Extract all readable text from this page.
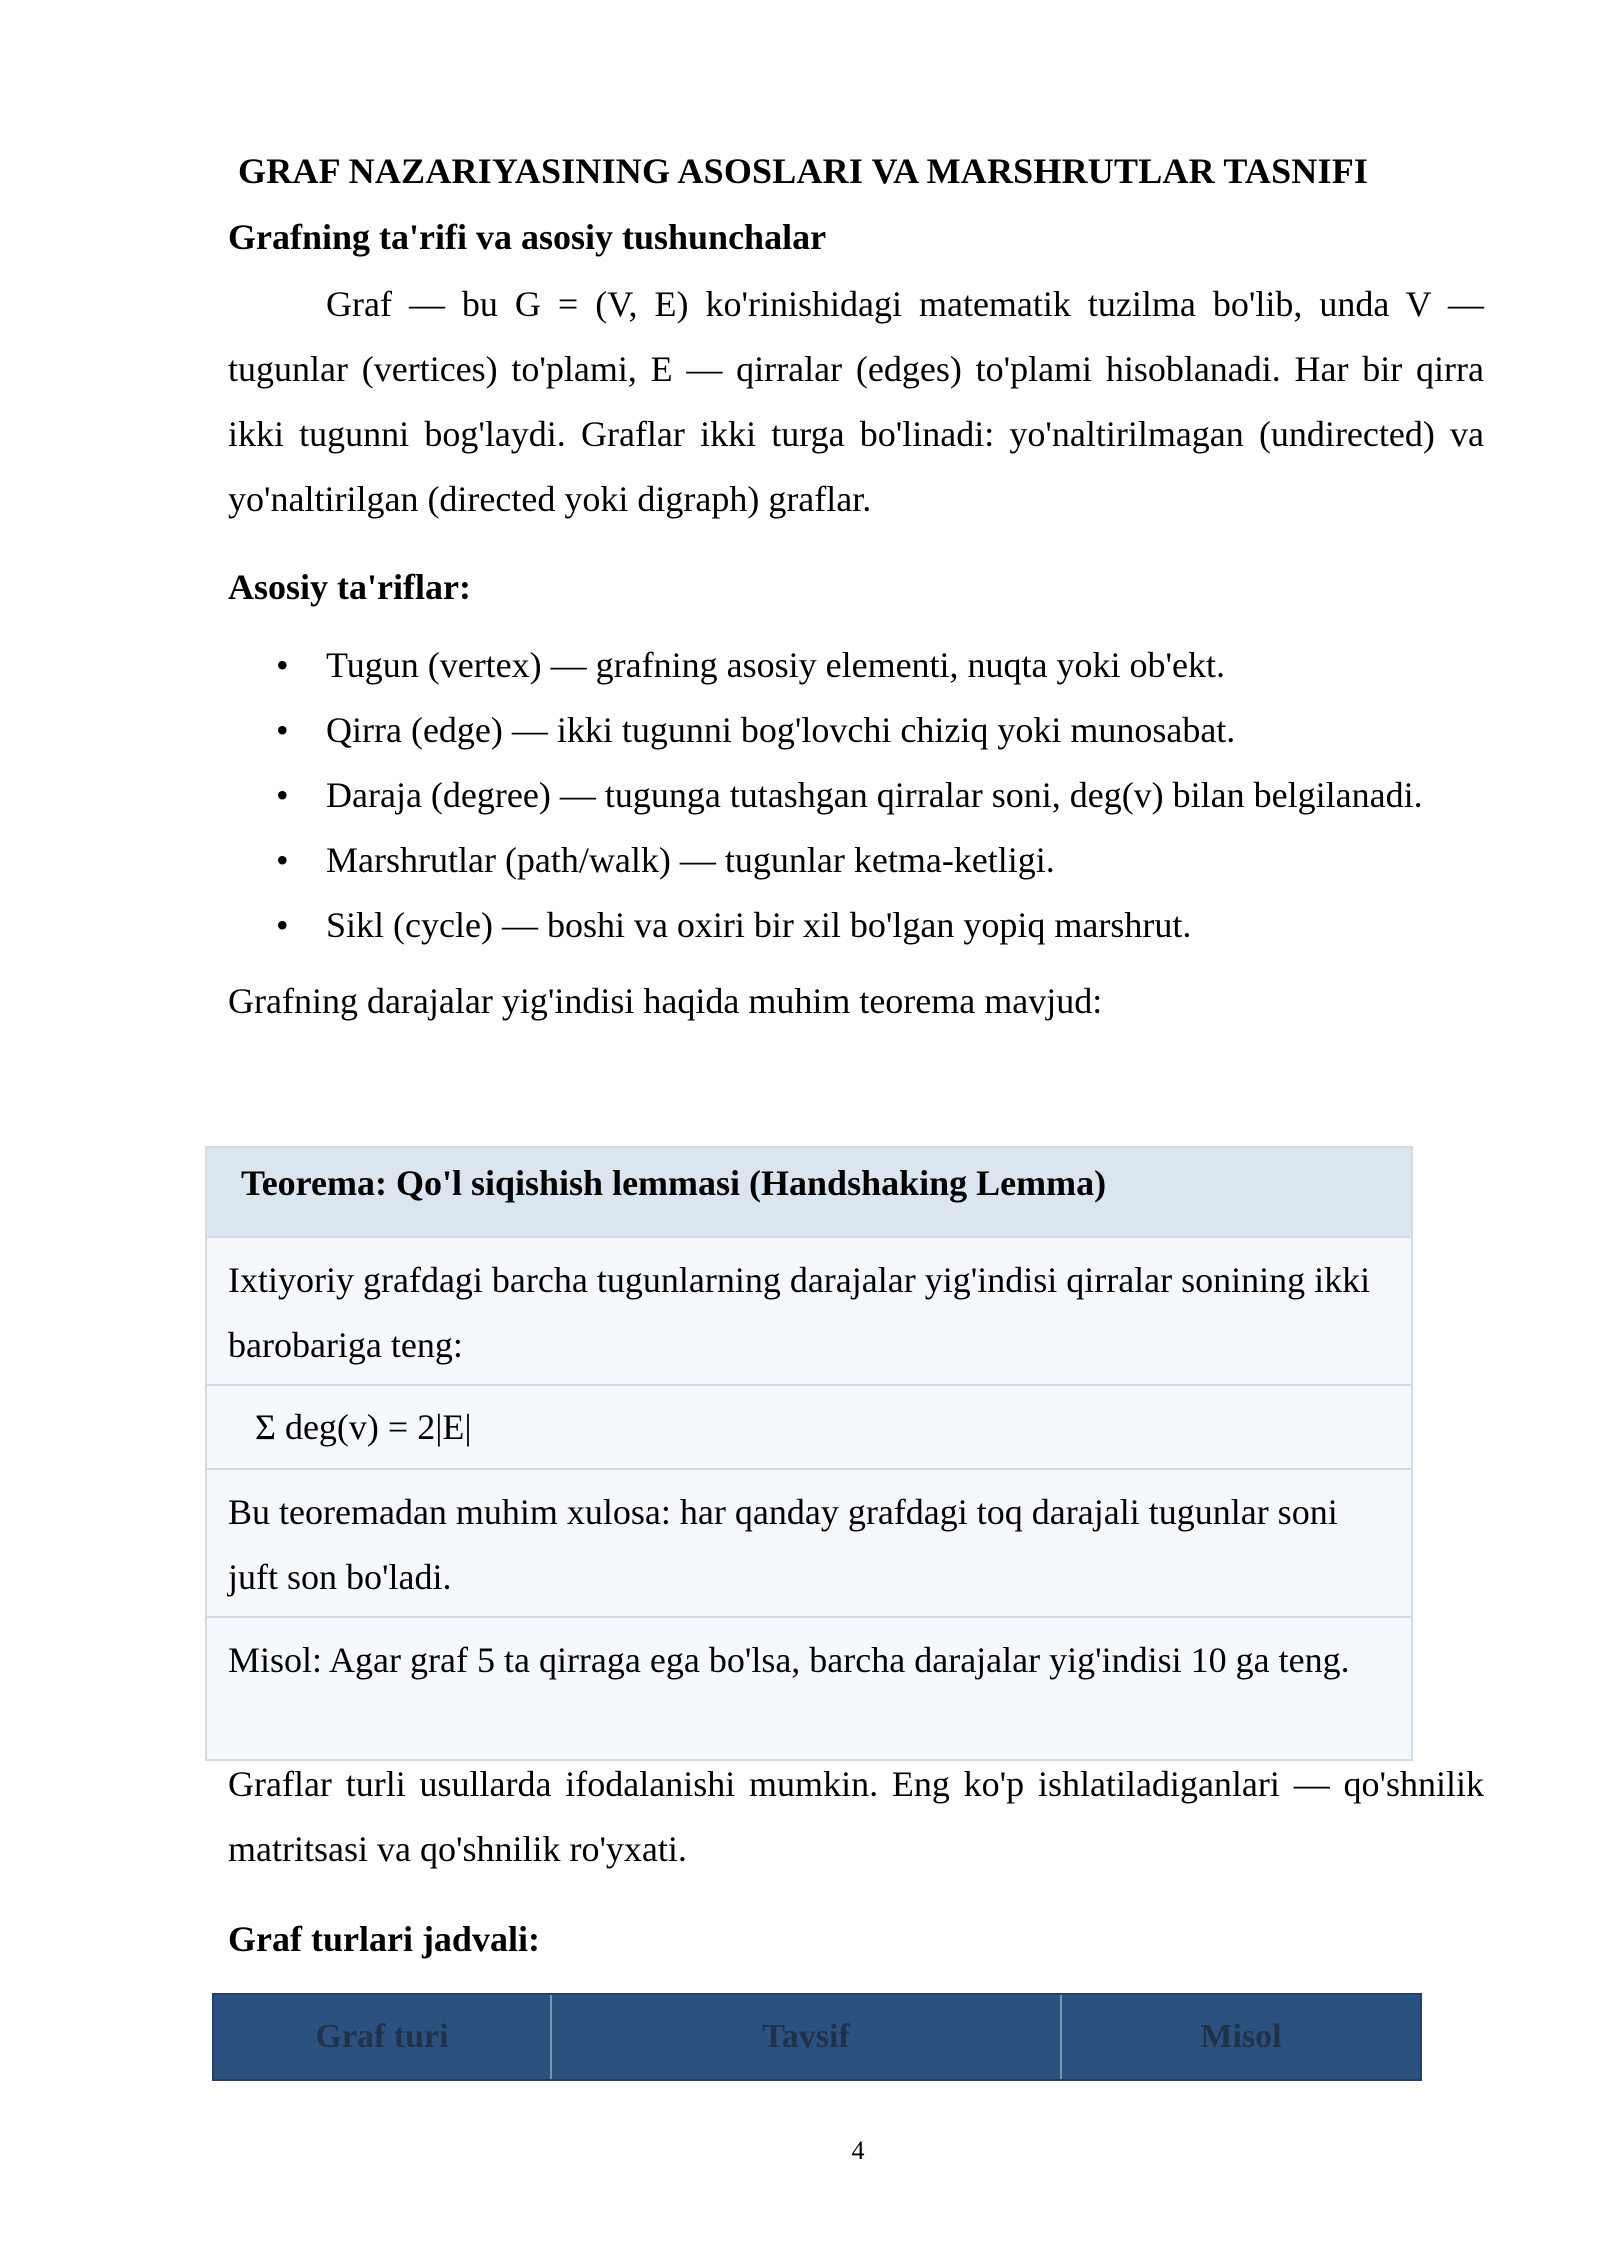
GRAF NAZARIYASINING ASOSLARI VA MARSHRUTLAR TASNIFI
Grafning ta'rifi va asosiy tushunchalar
Graf — bu G = (V, E) ko'rinishidagi matematik tuzilma bo'lib, unda V — tugunlar (vertices) to'plami, E — qirralar (edges) to'plami hisoblanadi. Har bir qirra ikki tugunni bog'laydi. Graflar ikki turga bo'linadi: yo'naltirilmagan (undirected) va yo'naltirilgan (directed yoki digraph) graflar.
Asosiy ta'riflar:
• Tugun (vertex) — grafning asosiy elementi, nuqta yoki ob'ekt.
• Qirra (edge) — ikki tugunni bog'lovchi chiziq yoki munosabat.
• Daraja (degree) — tugunga tutashgan qirralar soni, deg(v) bilan belgilanadi.
• Marshrutlar (path/walk) — tugunlar ketma-ketligi.
• Sikl (cycle) — boshi va oxiri bir xil bo'lgan yopiq marshrut.
Grafning darajalar yig'indisi haqida muhim teorema mavjud:
Teorema: Qo'l siqishish lemmasi (Handshaking Lemma)
Ixtiyoriy grafdagi barcha tugunlarning darajalar yig'indisi qirralar sonining ikki barobariga teng:
Σ deg(v) = 2|E|
Bu teoremadan muhim xulosa: har qanday grafdagi toq darajali tugunlar soni juft son bo'ladi.
Misol: Agar graf 5 ta qirraga ega bo'lsa, barcha darajalar yig'indisi 10 ga teng.
Graflar turli usullarda ifodalanishi mumkin. Eng ko'p ishlatiladiganlari — qo'shnilik matritsasi va qo'shnilik ro'yxati.
Graf turlari jadvali:
Graf turi	Tavsif	Misol
4
